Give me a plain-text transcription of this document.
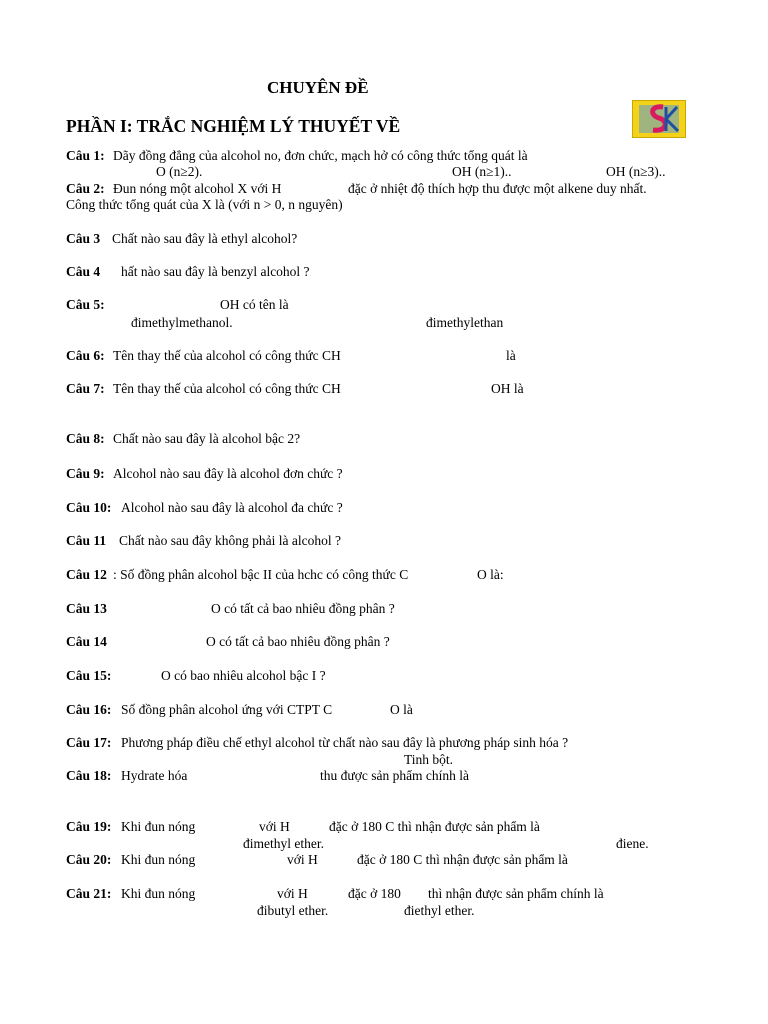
CHUYÊN ĐỀ
PHẦN I: TRẮC NGHIỆM LÝ THUYẾT VỀ
Câu 1: Dãy đồng đẳng của alcohol no, đơn chức, mạch hở có công thức tổng quát là
O (n≥2).	OH (n≥1)..	OH (n≥3)..
Câu 2: Đun nóng một alcohol X với H	đặc ở nhiệt độ thích hợp thu được một alkene duy nhất.
Công thức tổng quát của X là (với n > 0, n nguyên)
Câu 3 Chất nào sau đây là ethyl alcohol?
Câu 4 hất nào sau đây là benzyl alcohol ?
Câu 5:	OH có tên là
đimethylmethanol.	đimethylethan
Câu 6: Tên thay thế của alcohol có công thức CH	là
Câu 7: Tên thay thế của alcohol có công thức CH	OH là
Câu 8: Chất nào sau đây là alcohol bậc 2?
Câu 9: Alcohol nào sau đây là alcohol đơn chức ?
Câu 10: Alcohol nào sau đây là alcohol đa chức ?
Câu 11 Chất nào sau đây không phải là alcohol ?
Câu 12 : Số đồng phân alcohol bậc II của hchc có công thức C	O là:
Câu 13	O có tất cả bao nhiêu đồng phân ?
Câu 14	O có tất cả bao nhiêu đồng phân ?
Câu 15:	O có bao nhiêu alcohol bậc I ?
Câu 16: Số đồng phân alcohol ứng với CTPT C	O là
Câu 17: Phương pháp điều chế ethyl alcohol từ chất nào sau đây là phương pháp sinh hóa ?
Tinh bột.
Câu 18: Hydrate hóa	thu được sản phẩm chính là
Câu 19: Khi đun nóng	với H	đặc ở 180 C thì nhận được sản phẩm là
đimethyl ether.	điene.
Câu 20: Khi đun nóng	với H	đặc ở 180 C thì nhận được sản phẩm là
Câu 21: Khi đun nóng	với H	đặc ở 180 thì nhận được sản phẩm chính là
đibutyl ether.	điethyl ether.
